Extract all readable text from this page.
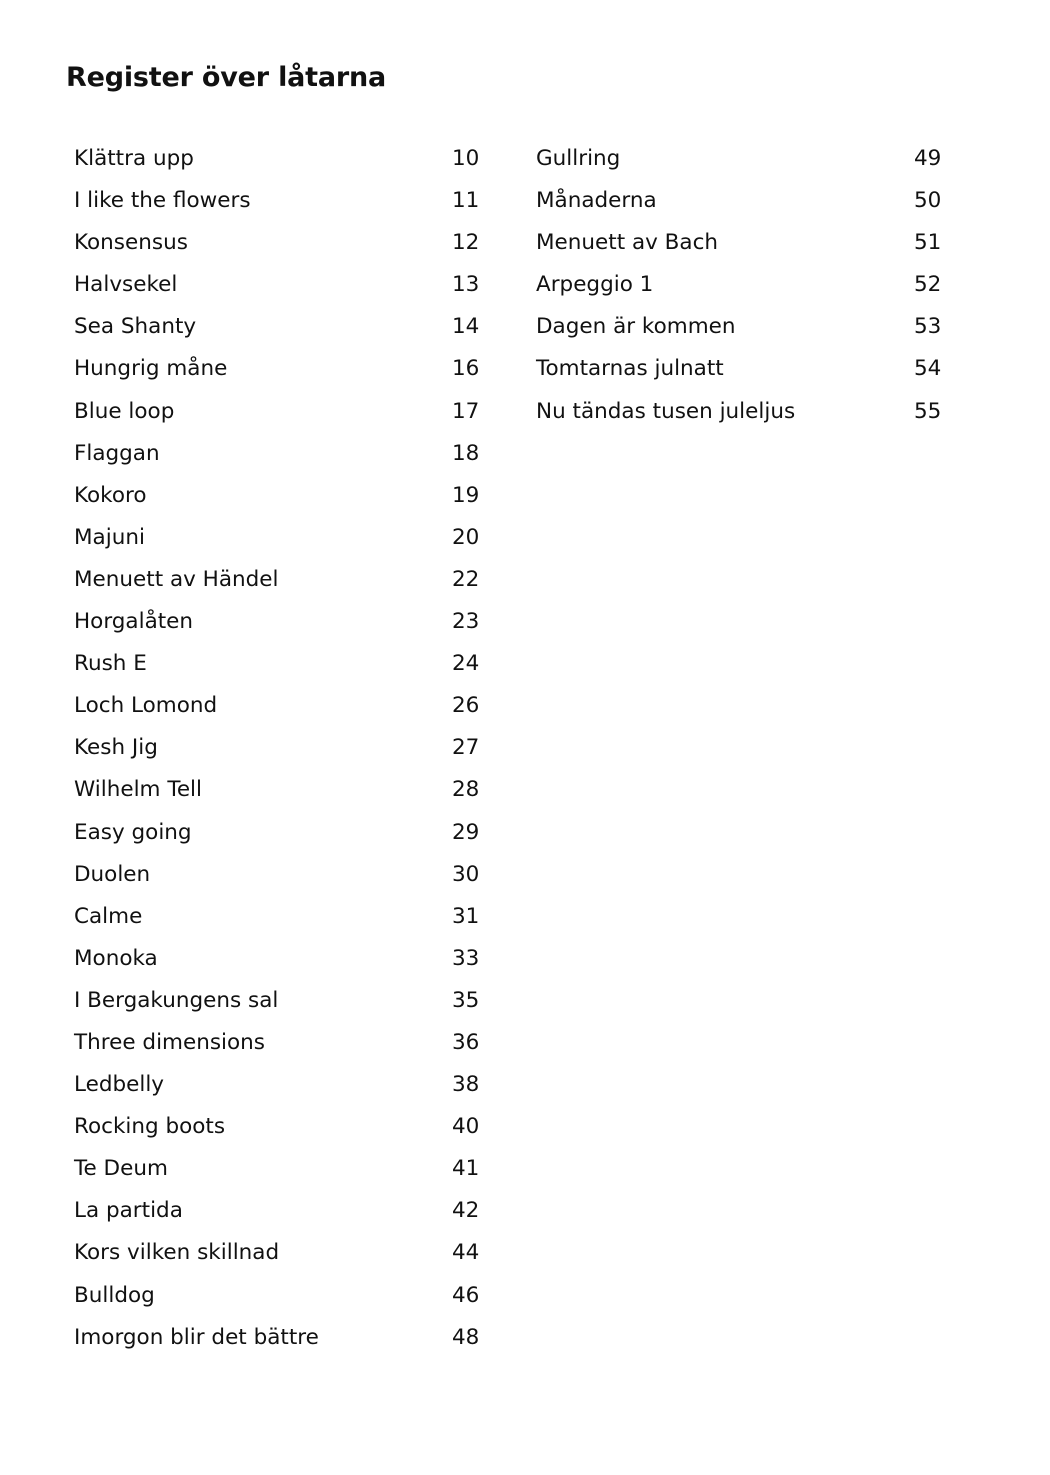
Register över låtarna
Klättra upp	10
I like the flowers	11
Konsensus	12
Halvsekel	13
Sea Shanty	14
Hungrig måne	16
Blue loop	17
Flaggan	18
Kokoro	19
Majuni	20
Menuett av Händel	22
Horgalåten	23
Rush E	24
Loch Lomond	26
Kesh Jig	27
Wilhelm Tell	28
Easy going	29
Duolen	30
Calme	31
Monoka	33
I Bergakungens sal	35
Three dimensions	36
Ledbelly	38
Rocking boots	40
Te Deum	41
La partida	42
Kors vilken skillnad	44
Bulldog	46
Imorgon blir det bättre	48
Gullring	49
Månaderna	50
Menuett av Bach	51
Arpeggio 1	52
Dagen är kommen	53
Tomtarnas julnatt	54
Nu tändas tusen juleljus	55
